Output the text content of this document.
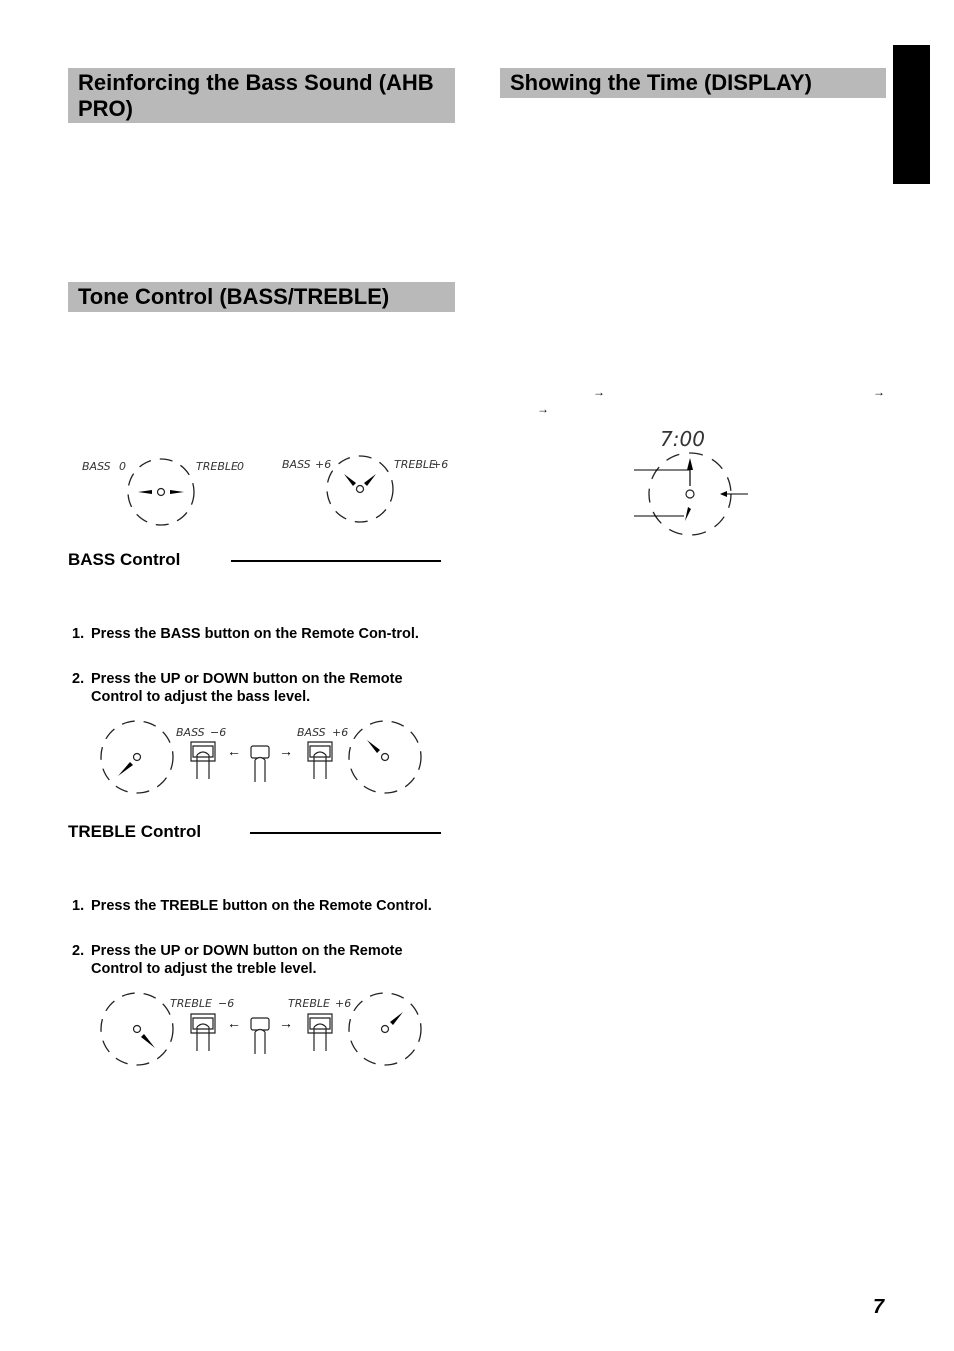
Reinforcing the Bass Sound (AHB PRO)
Tone Control (BASS/TREBLE)
Showing the Time (DISPLAY)
BASS Control
1. Press the BASS button on the Remote Con-trol.
2. Press the UP or DOWN button on the Remote Control to adjust the bass level.
TREBLE Control
1. Press the TREBLE button on the Remote Control.
2. Press the UP or DOWN button on the Remote Control to adjust the treble level.
7
BASS 0	TREBLE 0	BASS +6	TREBLE
+6
BASS −6
←	→
BASS +6
TREBLE −6
←	→
TREBLE +6
→	→
→
7:00
